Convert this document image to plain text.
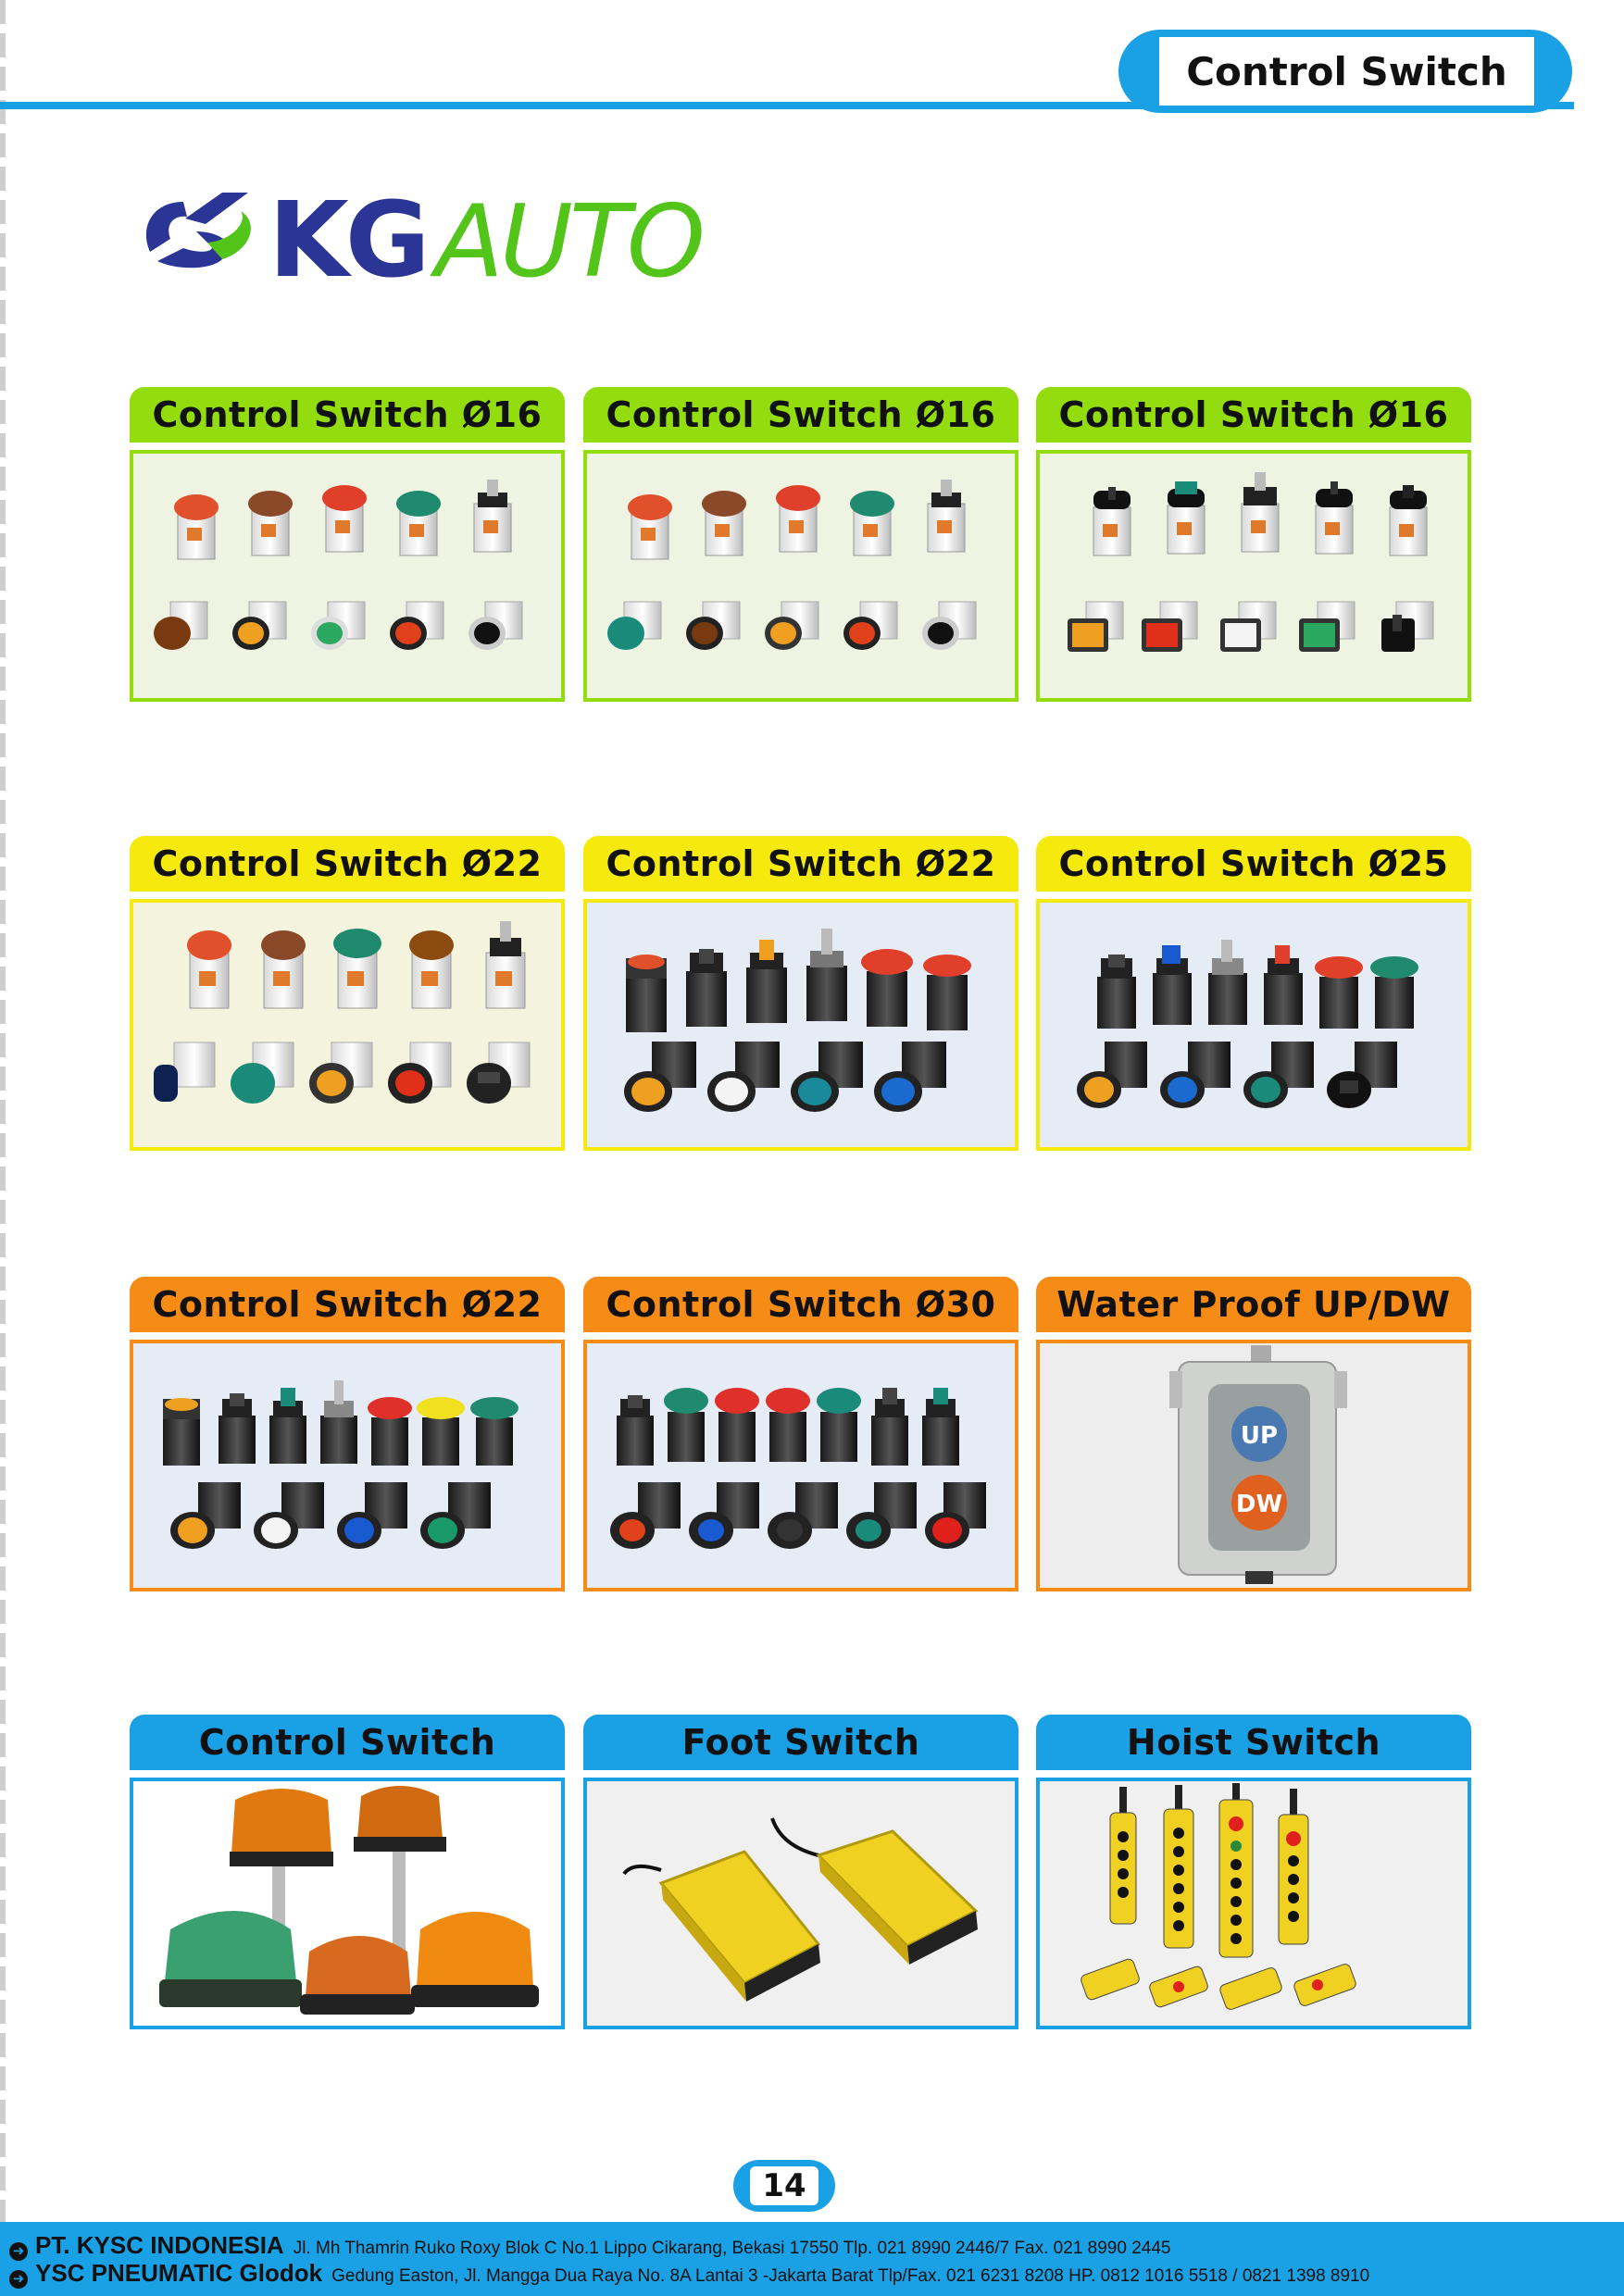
Control Switch
KG AUTO
Control Switch Ø16	Control Switch Ø16	Control Switch Ø16
Control Switch Ø22	Control Switch Ø22	Control Switch Ø25
Control Switch Ø22	Control Switch Ø30	Water Proof UP/DW
UP
DW
Control Switch	Foot Switch	Hoist Switch
14
➜ PT. KYSC INDONESIA Jl. Mh Thamrin Ruko Roxy Blok C No.1 Lippo Cikarang, Bekasi 17550 Tlp. 021 8990 2446/7 Fax. 021 8990 2445
➜ YSC PNEUMATIC Glodok Gedung Easton, Jl. Mangga Dua Raya No. 8A Lantai 3 -Jakarta Barat Tlp/Fax. 021 6231 8208 HP. 0812 1016 5518 / 0821 1398 8910
